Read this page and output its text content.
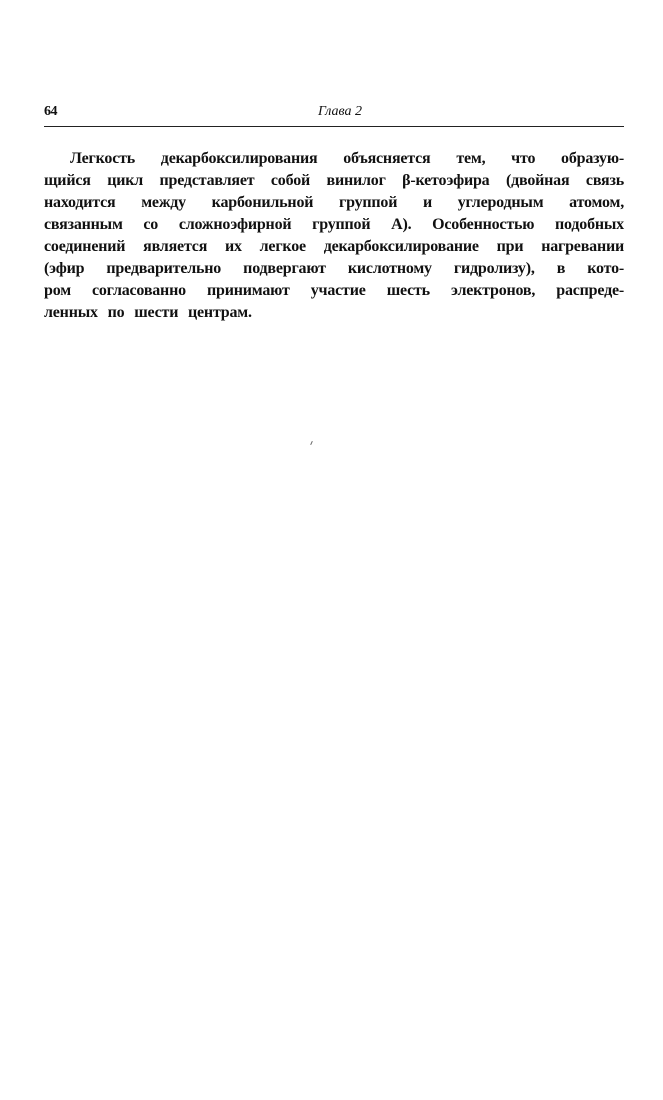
64	Глава 2
Легкость декарбоксилирования объясняется тем, что образую-
щийся цикл представляет собой винилог β-кетоэфира (двойная связь
находится между карбонильной группой и углеродным атомом,
связанным со сложноэфирной группой А). Особенностью подобных
соединений является их легкое декарбоксилирование при нагревании
(эфир предварительно подвергают кислотному гидролизу), в кото-
ром согласованно принимают участие шесть электронов, распреде-
ленных по шести центрам.
